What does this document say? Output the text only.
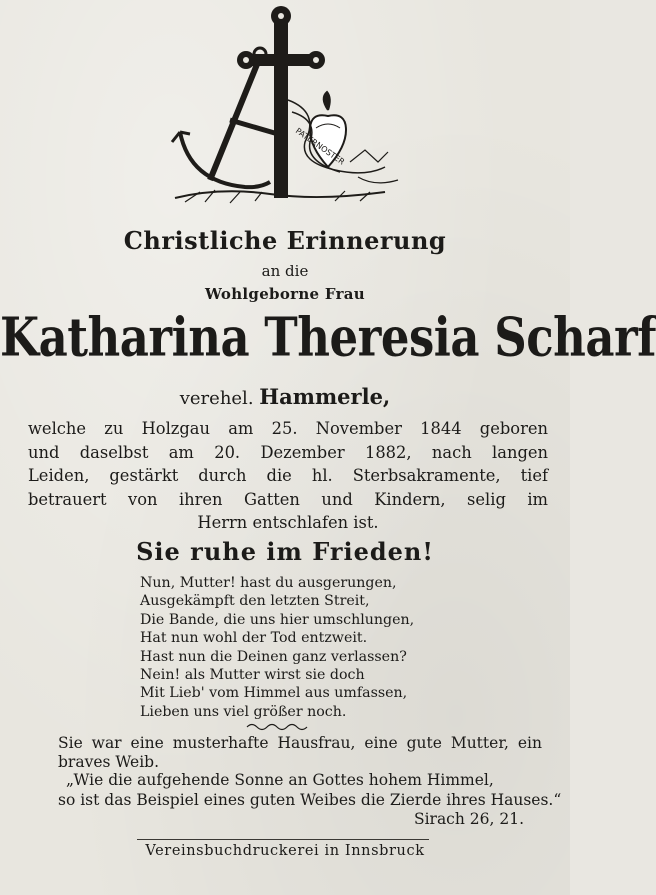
PATERNOSTER
Christliche Erinnerung
an die
Wohlgeborne Frau
Katharina Theresia Scharf
verehel. Hammerle,
welche zu Holzgau am 25. November 1844 geboren
und daselbst am 20. Dezember 1882, nach langen
Leiden, gestärkt durch die hl. Sterbsakramente, tief
betrauert von ihren Gatten und Kindern, selig im
Herrn entschlafen ist.
Sie ruhe im Frieden!
Nun, Mutter! hast du ausgerungen,
Ausgekämpft den letzten Streit,
Die Bande, die uns hier umschlungen,
Hat nun wohl der Tod entzweit.
Hast nun die Deinen ganz verlassen?
Nein! als Mutter wirst sie doch
Mit Lieb' vom Himmel aus umfassen,
Lieben uns viel größer noch.
Sie war eine musterhafte Hausfrau, eine gute Mutter, ein
braves Weib.
„Wie die aufgehende Sonne an Gottes hohem Himmel,
so ist das Beispiel eines guten Weibes die Zierde ihres Hauses.“
Sirach 26, 21.
Vereinsbuchdruckerei in Innsbruck
